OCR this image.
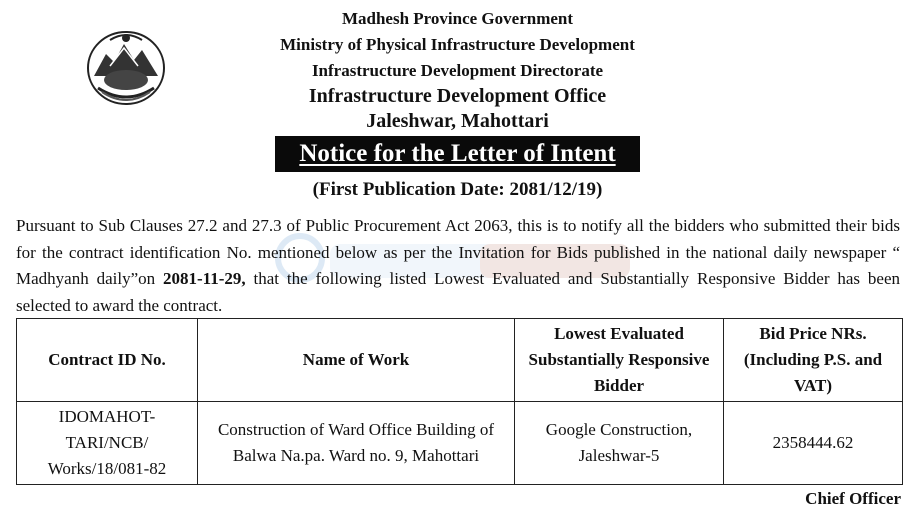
Madhesh Province Government
Ministry of Physical Infrastructure Development
Infrastructure Development Directorate
Infrastructure Development Office
Jaleshwar, Mahottari
Notice for the Letter of Intent
(First Publication Date: 2081/12/19)
Pursuant to Sub Clauses 27.2 and 27.3 of Public Procurement Act 2063, this is to notify all the bidders who submitted their bids for the contract identification No. mentioned below as per the Invitation for Bids published in the national daily newspaper “ Madhyanh daily”on 2081-11-29, that the following listed Lowest Evaluated and Substantially Responsive Bidder has been selected to award the contract.
Contract ID No.	Name of Work	Lowest Evaluated Substantially Responsive Bidder	Bid Price NRs. (Including P.S. and VAT)
IDOMAHOT-TARI/NCB/ Works/18/081-82	Construction of Ward Office Building of Balwa Na.pa. Ward no. 9, Mahottari	Google Construction, Jaleshwar-5	2358444.62
Chief Officer
